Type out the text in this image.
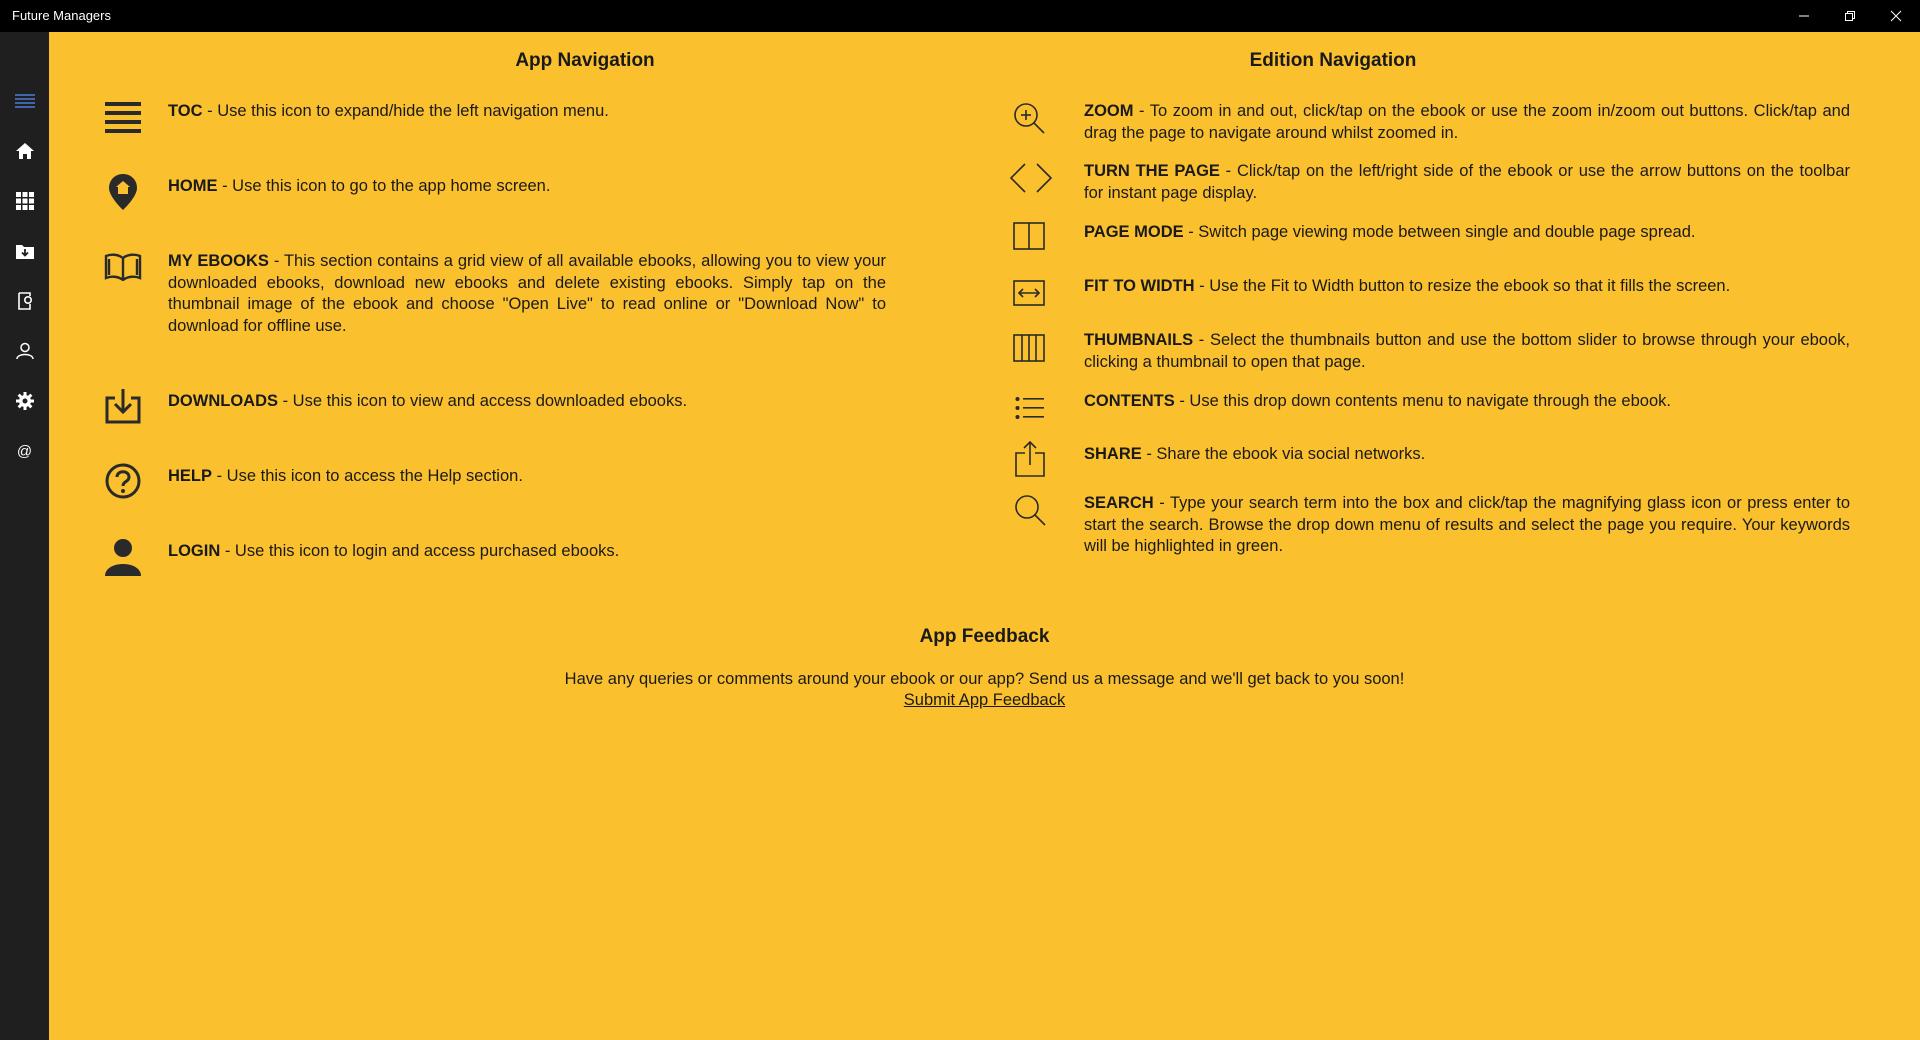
Future Managers
@
App Navigation

TOC - Use this icon to expand/hide the left navigation menu.

HOME - Use this icon to go to the app home screen.

MY EBOOKS - This section contains a grid view of all available ebooks, allowing you to view your downloaded ebooks, download new ebooks and delete existing ebooks. Simply tap on the thumbnail image of the ebook and choose "Open Live" to read online or "Download Now" to download for offline use.

DOWNLOADS - Use this icon to view and access downloaded ebooks.

HELP - Use this icon to access the Help section.

LOGIN - Use this icon to login and access purchased ebooks.

Edition Navigation

ZOOM - To zoom in and out, click/tap on the ebook or use the zoom in/zoom out buttons. Click/tap and drag the page to navigate around whilst zoomed in.

TURN THE PAGE - Click/tap on the left/right side of the ebook or use the arrow buttons on the toolbar for instant page display.

PAGE MODE - Switch page viewing mode between single and double page spread.

FIT TO WIDTH - Use the Fit to Width button to resize the ebook so that it fills the screen.

THUMBNAILS - Select the thumbnails button and use the bottom slider to browse through your ebook, clicking a thumbnail to open that page.

CONTENTS - Use this drop down contents menu to navigate through the ebook.

SHARE - Share the ebook via social networks.

SEARCH - Type your search term into the box and click/tap the magnifying glass icon or press enter to start the search. Browse the drop down menu of results and select the page you require. Your keywords will be highlighted in green.

App Feedback
Have any queries or comments around your ebook or our app? Send us a message and we'll get back to you soon!
Submit App Feedback
